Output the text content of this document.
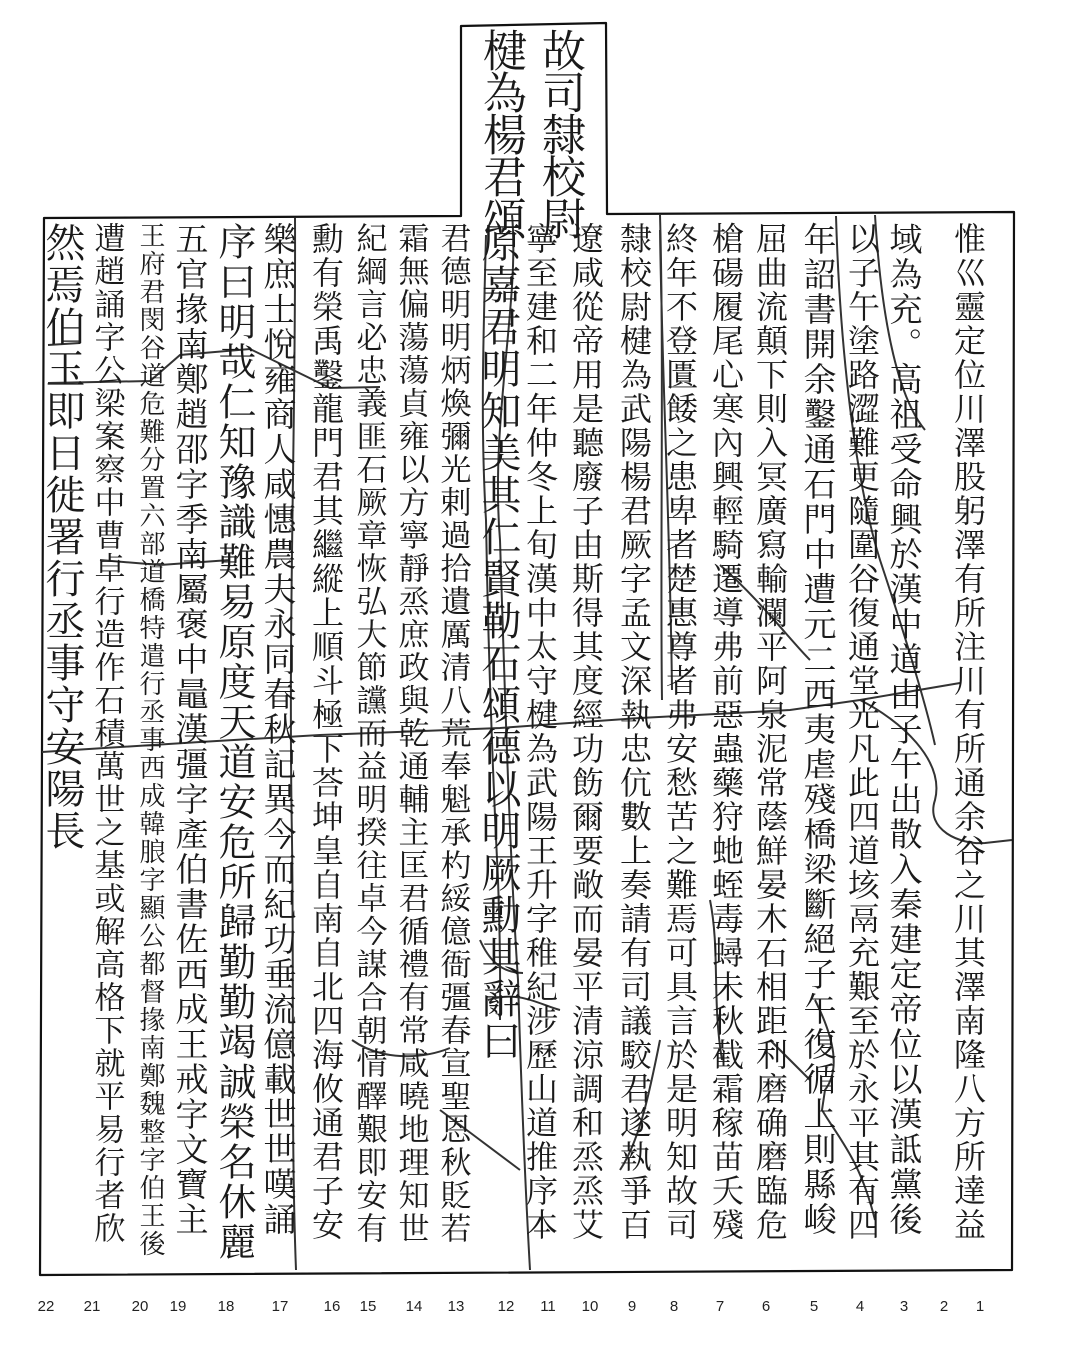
故司隸校尉
楗為楊君頌
惟巛靈定位川澤股躬澤有所注川有所通余谷之川其澤南隆八方所達益
域為充。高祖受命興於漢中道由子午出散入秦建定帝位以漢詆黨後
以子午塗路澀難更隨圍谷復通堂光凡此四道垓鬲充艱至於永平其有四
年詔書開余鑿通石門中遭元二西夷虐殘橋梁斷絕子午復循上則縣峻
屈曲流顛下則入冥廣寫輸瀾平阿泉泥常蔭鮮晏木石相距利磨确磨臨危
槍碭履尾心寒內興輕騎遷導弗前惡蟲藥狩虵蛭毒蟳未秋截霜稼苗夭殘
終年不登匱餧之患卑者楚惠尊者弗安愁苦之難焉可具言於是明知故司
隸校尉楗為武陽楊君厥字孟文深執忠伉數上奏請有司議駮君遂執爭百
遼咸從帝用是聽廢子由斯得其度經功飭爾要敞而晏平清涼調和烝烝艾
寧至建和二年仲冬上旬漢中太守楗為武陽王升字稚紀涉歷山道推序本
原嘉君明知美其仁賢勒石頌德以明厥勳其辭曰
君德明明炳煥彌光剌過拾遺厲清八荒奉魁承杓綏億衙彊春宣聖恩秋貶若
霜無偏蕩蕩貞雍以方寧靜烝庶政與乾通輔主匡君循禮有常咸曉地理知世
紀綱言必忠義匪石厥章恢弘大節讜而益明揆往卓今謀合朝情醳艱即安有
勳有榮禹鑿龍門君其繼縱上順斗極下荅坤皇自南自北四海攸通君子安
樂庶士悅雍商人咸憓農夫永同春秋記異今而紀功垂流億載世世嘆誦
序曰明哉仁知豫識難易原度天道安危所歸勤勤竭誠榮名休麗
五官掾南鄭趙邵字季南屬褒中鼂漢彊字產伯書佐西成王戒字文寶主
王府君閔谷道危難分置六部道橋特遣行丞事西成韓朖字顯公都督掾南鄭魏整字伯王後
遭趙誦字公梁案察中曹卓行造作石積萬世之基或解高格下就平易行者欣
然焉伯玉即日徙署行丞事守安陽長
1
2
3
4
5
6
7
8
9
10
11
12
13
14
15
16
17
18
19
20
21
22
